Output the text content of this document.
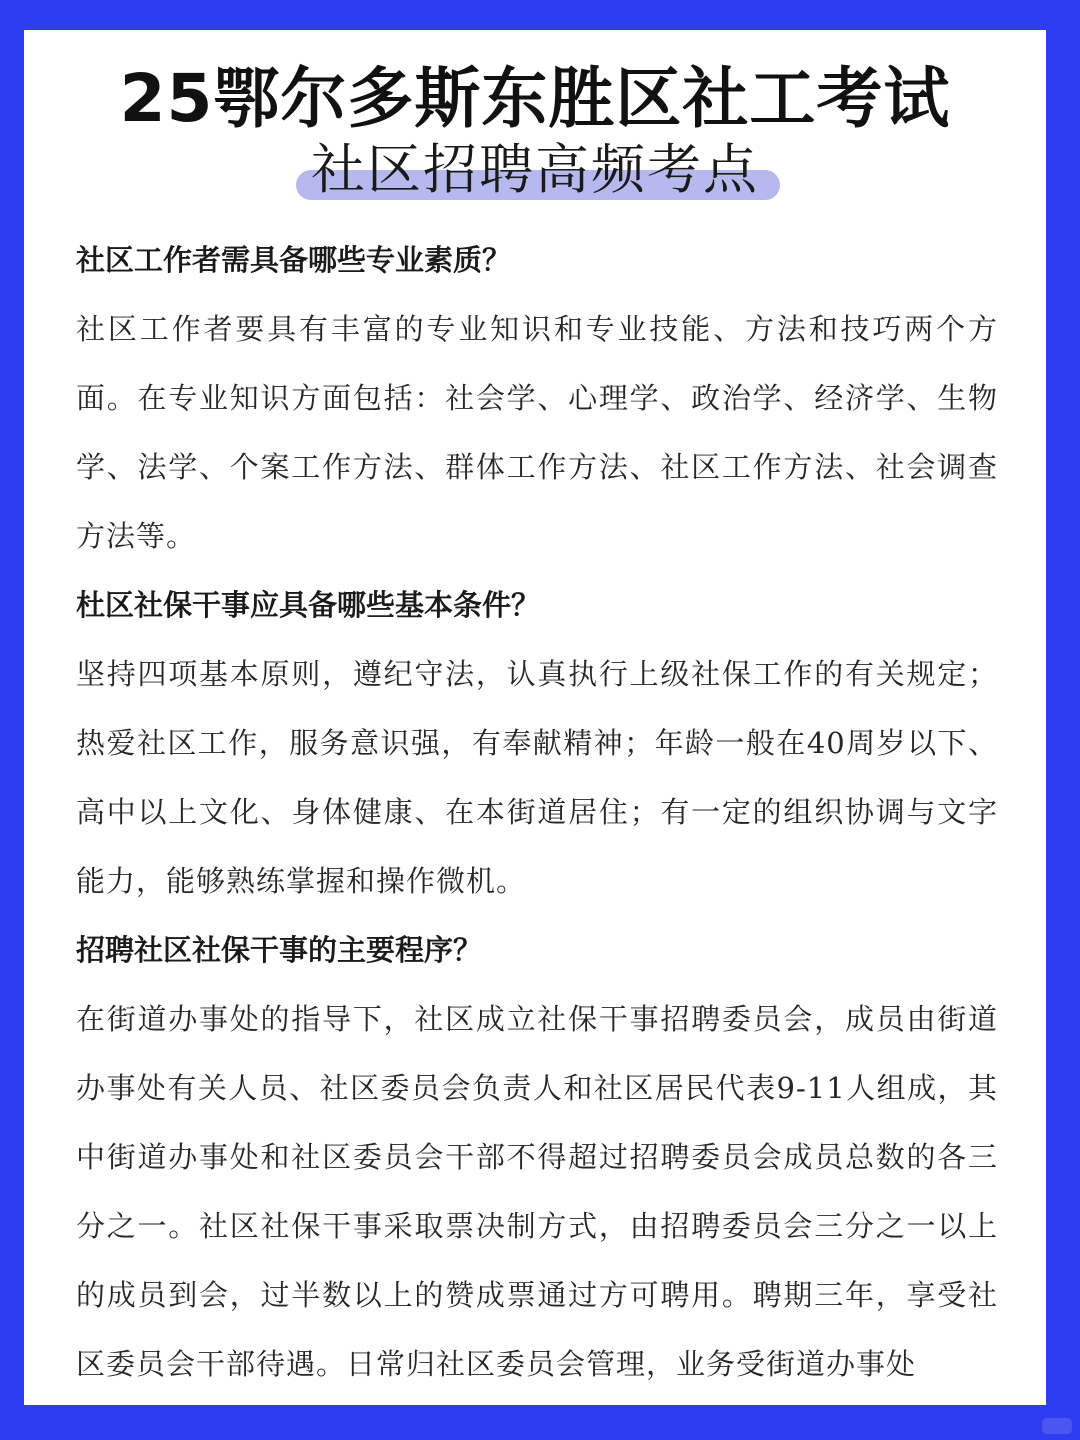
25鄂尔多斯东胜区社工考试
社区招聘高频考点

社区工作者需具备哪些专业素质？

社区工作者要具有丰富的专业知识和专业技能、方法和技巧两个方面。在专业知识方面包括：社会学、心理学、政治学、经济学、生物学、法学、个案工作方法、群体工作方法、社区工作方法、社会调查方法等。

杜区社保干事应具备哪些基本条件？

坚持四项基本原则，遵纪守法，认真执行上级社保工作的有关规定；热爱社区工作，服务意识强，有奉献精神；年龄一般在40周岁以下、高中以上文化、身体健康、在本街道居住；有一定的组织协调与文字能力，能够熟练掌握和操作微机。

招聘社区社保干事的主要程序？

在街道办事处的指导下，社区成立社保干事招聘委员会，成员由街道办事处有关人员、社区委员会负责人和社区居民代表9-11人组成，其中街道办事处和社区委员会干部不得超过招聘委员会成员总数的各三分之一。社区社保干事采取票决制方式，由招聘委员会三分之一以上的成员到会，过半数以上的赞成票通过方可聘用。聘期三年，享受社区委员会干部待遇。日常归社区委员会管理，业务受街道办事处
